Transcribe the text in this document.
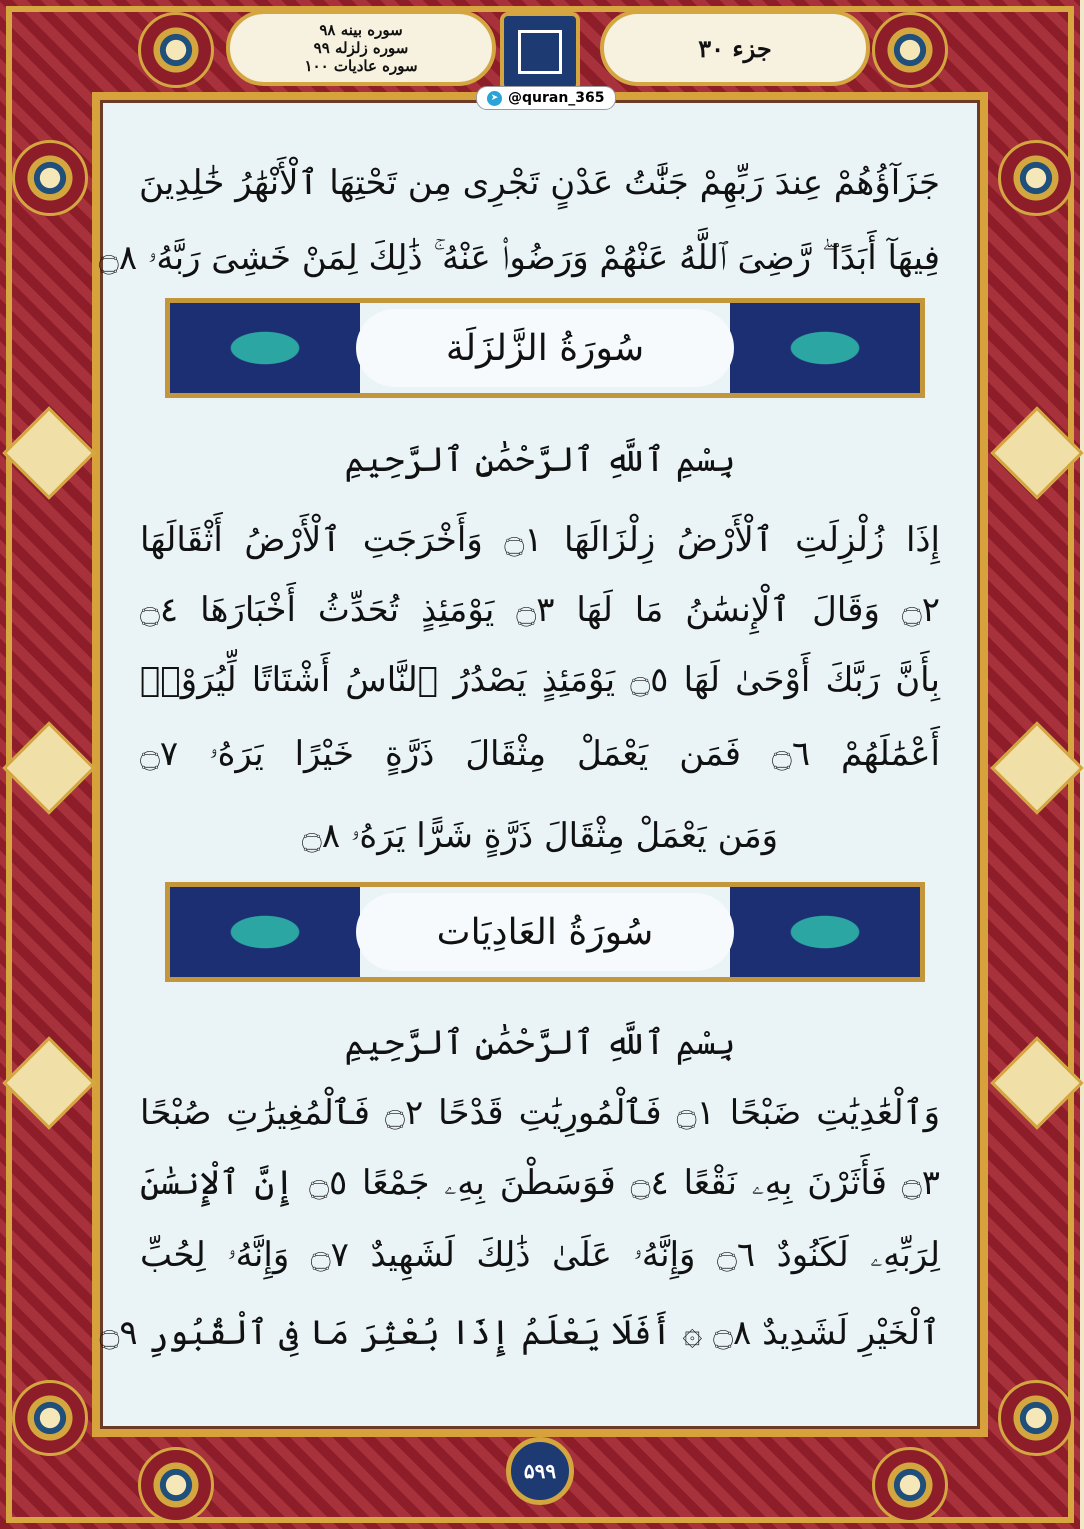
جزء ۳۰
سوره بینه ۹۸
سوره زلزله ۹۹
سوره عادیات ۱۰۰
➤ @quran_365
جَزَآؤُهُمْ عِندَ رَبِّهِمْ جَنَّٰتُ عَدْنٍ تَجْرِى مِن تَحْتِهَا ٱلْأَنْهَٰرُ خَٰلِدِينَ
فِيهَآ أَبَدًا ۖ رَّضِىَ ٱللَّهُ عَنْهُمْ وَرَضُوا۟ عَنْهُ ۚ ذَٰلِكَ لِمَنْ خَشِىَ رَبَّهُۥ ۝٨
سُورَةُ الزَّلزَلَة
بِسْمِ ٱللَّهِ ٱلرَّحْمَٰنِ ٱلرَّحِيمِ
إِذَا زُلْزِلَتِ ٱلْأَرْضُ زِلْزَالَهَا ۝١ وَأَخْرَجَتِ ٱلْأَرْضُ أَثْقَالَهَا
۝٢ وَقَالَ ٱلْإِنسَٰنُ مَا لَهَا ۝٣ يَوْمَئِذٍ تُحَدِّثُ أَخْبَارَهَا ۝٤
بِأَنَّ رَبَّكَ أَوْحَىٰ لَهَا ۝٥ يَوْمَئِذٍ يَصْدُرُ ٱلنَّاسُ أَشْتَاتًا لِّيُرَوْا۟
أَعْمَٰلَهُمْ ۝٦ فَمَن يَعْمَلْ مِثْقَالَ ذَرَّةٍ خَيْرًا يَرَهُۥ ۝٧
وَمَن يَعْمَلْ مِثْقَالَ ذَرَّةٍ شَرًّا يَرَهُۥ ۝٨
سُورَةُ العَادِيَات
بِسْمِ ٱللَّهِ ٱلرَّحْمَٰنِ ٱلرَّحِيمِ
وَٱلْعَٰدِيَٰتِ ضَبْحًا ۝١ فَٱلْمُورِيَٰتِ قَدْحًا ۝٢ فَٱلْمُغِيرَٰتِ صُبْحًا
۝٣ فَأَثَرْنَ بِهِۦ نَقْعًا ۝٤ فَوَسَطْنَ بِهِۦ جَمْعًا ۝٥ إِنَّ ٱلْإِنسَٰنَ
لِرَبِّهِۦ لَكَنُودٌ ۝٦ وَإِنَّهُۥ عَلَىٰ ذَٰلِكَ لَشَهِيدٌ ۝٧ وَإِنَّهُۥ لِحُبِّ
ٱلْخَيْرِ لَشَدِيدٌ ۝٨ ۞ أَفَلَا يَعْلَمُ إِذَا بُعْثِرَ مَا فِى ٱلْقُبُورِ ۝٩
۵۹۹
